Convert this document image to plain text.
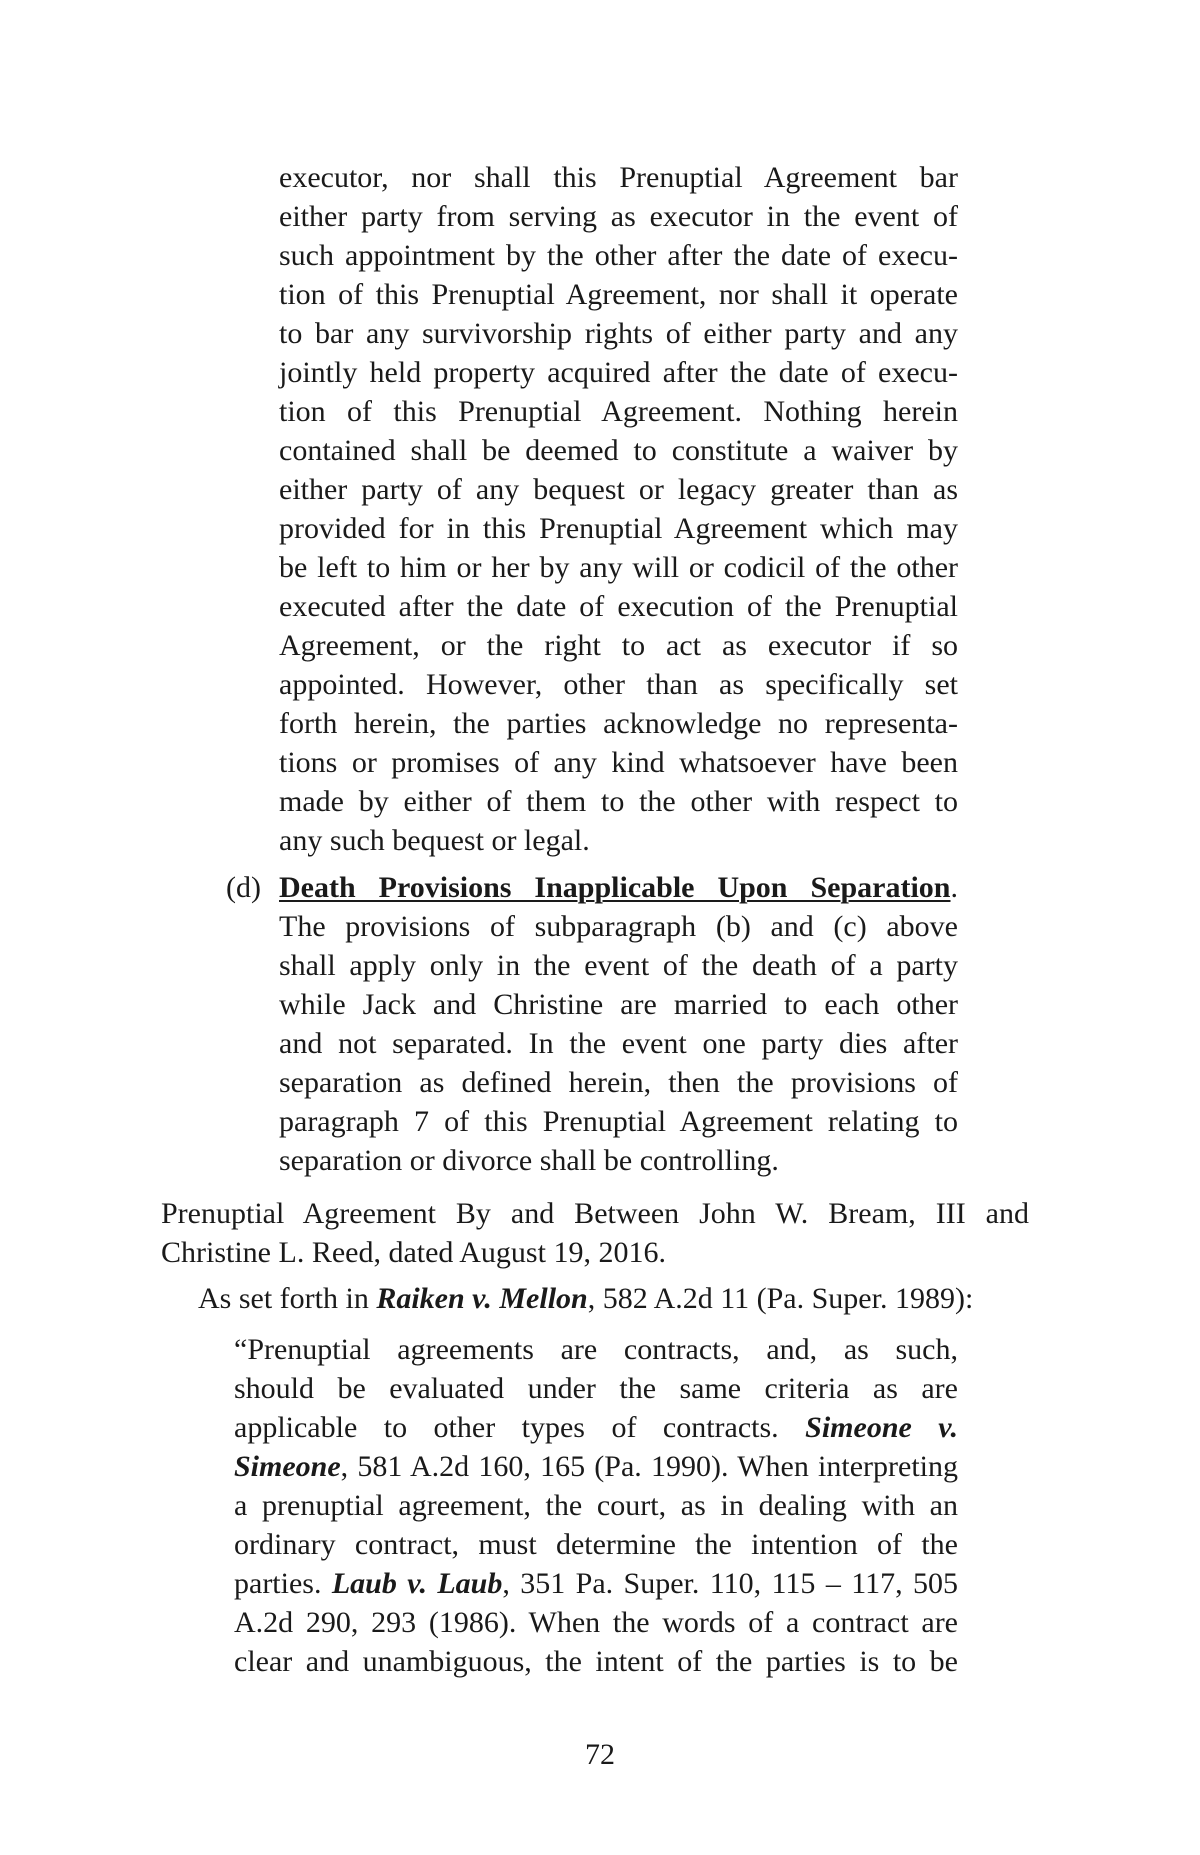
executor, nor shall this Prenuptial Agreement bar

either party from serving as executor in the event of

such appointment by the other after the date of execu-

tion of this Prenuptial Agreement, nor shall it operate

to bar any survivorship rights of either party and any

jointly held property acquired after the date of execu-

tion of this Prenuptial Agreement. Nothing herein

contained shall be deemed to constitute a waiver by

either party of any bequest or legacy greater than as

provided for in this Prenuptial Agreement which may

be left to him or her by any will or codicil of the other

executed after the date of execution of the Prenuptial

Agreement, or the right to act as executor if so

appointed. However, other than as specifically set

forth herein, the parties acknowledge no representa-

tions or promises of any kind whatsoever have been

made by either of them to the other with respect to

any such bequest or legal.

(d) Death Provisions Inapplicable Upon Separation.

The provisions of subparagraph (b) and (c) above

shall apply only in the event of the death of a party

while Jack and Christine are married to each other

and not separated. In the event one party dies after

separation as defined herein, then the provisions of

paragraph 7 of this Prenuptial Agreement relating to

separation or divorce shall be controlling.

Prenuptial Agreement By and Between John W. Bream, III and

Christine L. Reed, dated August 19, 2016.

As set forth in Raiken v. Mellon, 582 A.2d 11 (Pa. Super. 1989):

“Prenuptial agreements are contracts, and, as such,

should be evaluated under the same criteria as are

applicable to other types of contracts. Simeone v.

Simeone, 581 A.2d 160, 165 (Pa. 1990). When interpreting

a prenuptial agreement, the court, as in dealing with an

ordinary contract, must determine the intention of the

parties. Laub v. Laub, 351 Pa. Super. 110, 115 – 117, 505

A.2d 290, 293 (1986). When the words of a contract are

clear and unambiguous, the intent of the parties is to be

72
